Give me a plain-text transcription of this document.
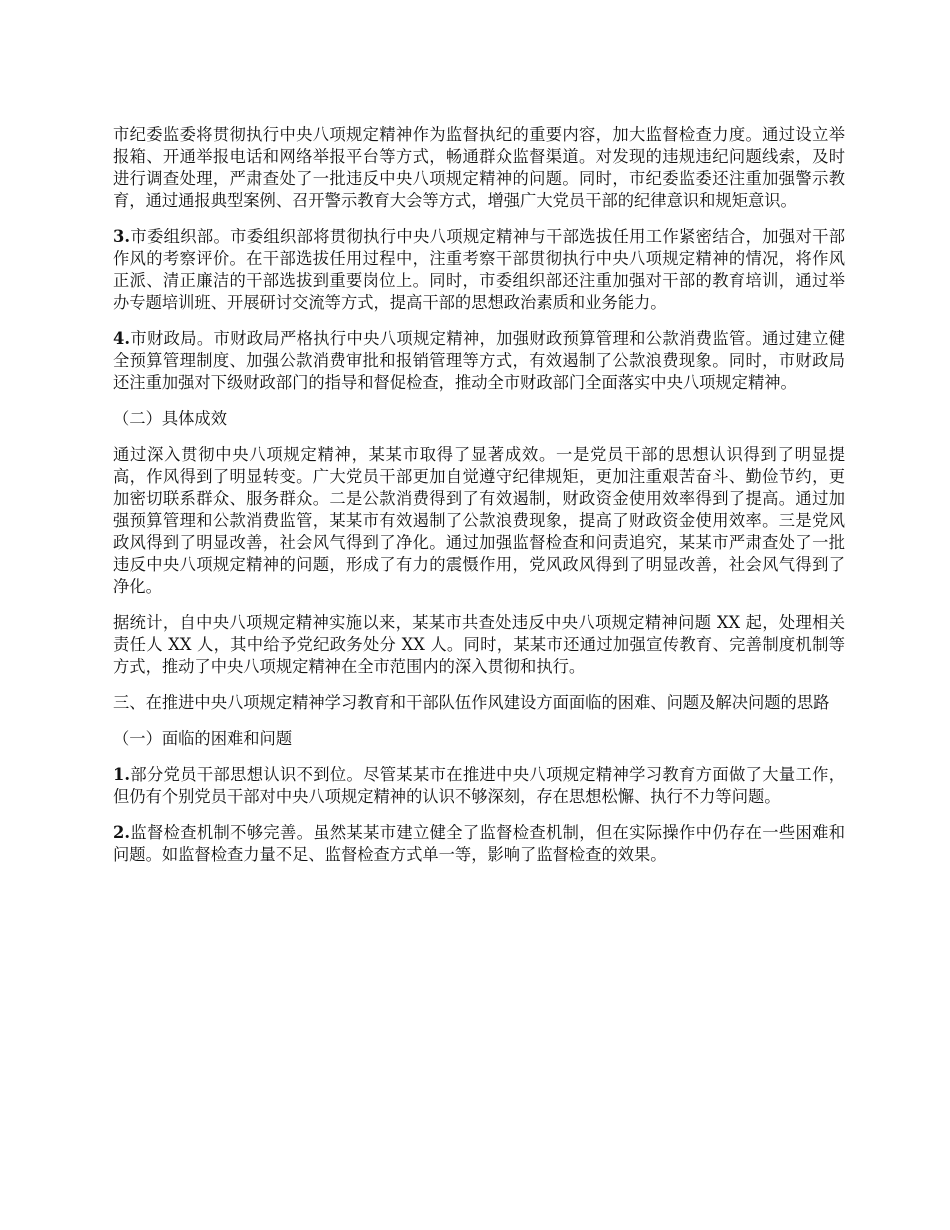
市纪委监委将贯彻执行中央八项规定精神作为监督执纪的重要内容，加大监督检查力度。通过设立举报箱、开通举报电话和网络举报平台等方式，畅通群众监督渠道。对发现的违规违纪问题线索，及时进行调查处理，严肃查处了一批违反中央八项规定精神的问题。同时，市纪委监委还注重加强警示教育，通过通报典型案例、召开警示教育大会等方式，增强广大党员干部的纪律意识和规矩意识。

3.市委组织部。市委组织部将贯彻执行中央八项规定精神与干部选拔任用工作紧密结合，加强对干部作风的考察评价。在干部选拔任用过程中，注重考察干部贯彻执行中央八项规定精神的情况，将作风正派、清正廉洁的干部选拔到重要岗位上。同时，市委组织部还注重加强对干部的教育培训，通过举办专题培训班、开展研讨交流等方式，提高干部的思想政治素质和业务能力。

4.市财政局。市财政局严格执行中央八项规定精神，加强财政预算管理和公款消费监管。通过建立健全预算管理制度、加强公款消费审批和报销管理等方式，有效遏制了公款浪费现象。同时，市财政局还注重加强对下级财政部门的指导和督促检查，推动全市财政部门全面落实中央八项规定精神。

（二）具体成效

通过深入贯彻中央八项规定精神，某某市取得了显著成效。一是党员干部的思想认识得到了明显提高，作风得到了明显转变。广大党员干部更加自觉遵守纪律规矩，更加注重艰苦奋斗、勤俭节约，更加密切联系群众、服务群众。二是公款消费得到了有效遏制，财政资金使用效率得到了提高。通过加强预算管理和公款消费监管，某某市有效遏制了公款浪费现象，提高了财政资金使用效率。三是党风政风得到了明显改善，社会风气得到了净化。通过加强监督检查和问责追究，某某市严肃查处了一批违反中央八项规定精神的问题，形成了有力的震慑作用，党风政风得到了明显改善，社会风气得到了净化。

据统计，自中央八项规定精神实施以来，某某市共查处违反中央八项规定精神问题 XX 起，处理相关责任人 XX 人，其中给予党纪政务处分 XX 人。同时，某某市还通过加强宣传教育、完善制度机制等方式，推动了中央八项规定精神在全市范围内的深入贯彻和执行。

三、在推进中央八项规定精神学习教育和干部队伍作风建设方面面临的困难、问题及解决问题的思路

（一）面临的困难和问题

1.部分党员干部思想认识不到位。尽管某某市在推进中央八项规定精神学习教育方面做了大量工作，但仍有个别党员干部对中央八项规定精神的认识不够深刻，存在思想松懈、执行不力等问题。

2.监督检查机制不够完善。虽然某某市建立健全了监督检查机制，但在实际操作中仍存在一些困难和问题。如监督检查力量不足、监督检查方式单一等，影响了监督检查的效果。
